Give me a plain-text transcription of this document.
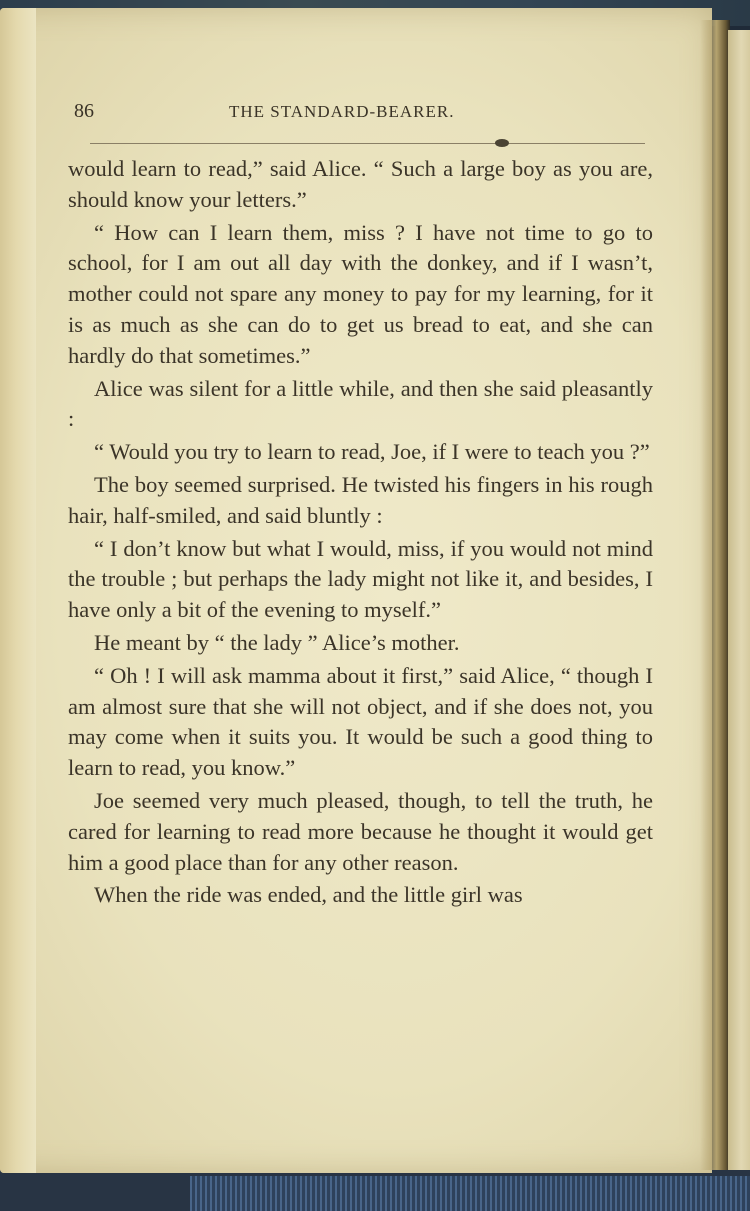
86	THE STANDARD-BEARER.

would learn to read,” said Alice. “ Such a large boy as you are, should know your letters.”

“ How can I learn them, miss ? I have not time to go to school, for I am out all day with the donkey, and if I wasn’t, mother could not spare any money to pay for my learning, for it is as much as she can do to get us bread to eat, and she can hardly do that sometimes.”

Alice was silent for a little while, and then she said pleasantly :

“ Would you try to learn to read, Joe, if I were to teach you ?”

The boy seemed surprised. He twisted his fingers in his rough hair, half-smiled, and said bluntly :

“ I don’t know but what I would, miss, if you would not mind the trouble ; but perhaps the lady might not like it, and besides, I have only a bit of the evening to myself.”

He meant by “ the lady ” Alice’s mother.

“ Oh ! I will ask mamma about it first,” said Alice, “ though I am almost sure that she will not object, and if she does not, you may come when it suits you. It would be such a good thing to learn to read, you know.”

Joe seemed very much pleased, though, to tell the truth, he cared for learning to read more because he thought it would get him a good place than for any other reason.

When the ride was ended, and the little girl was
